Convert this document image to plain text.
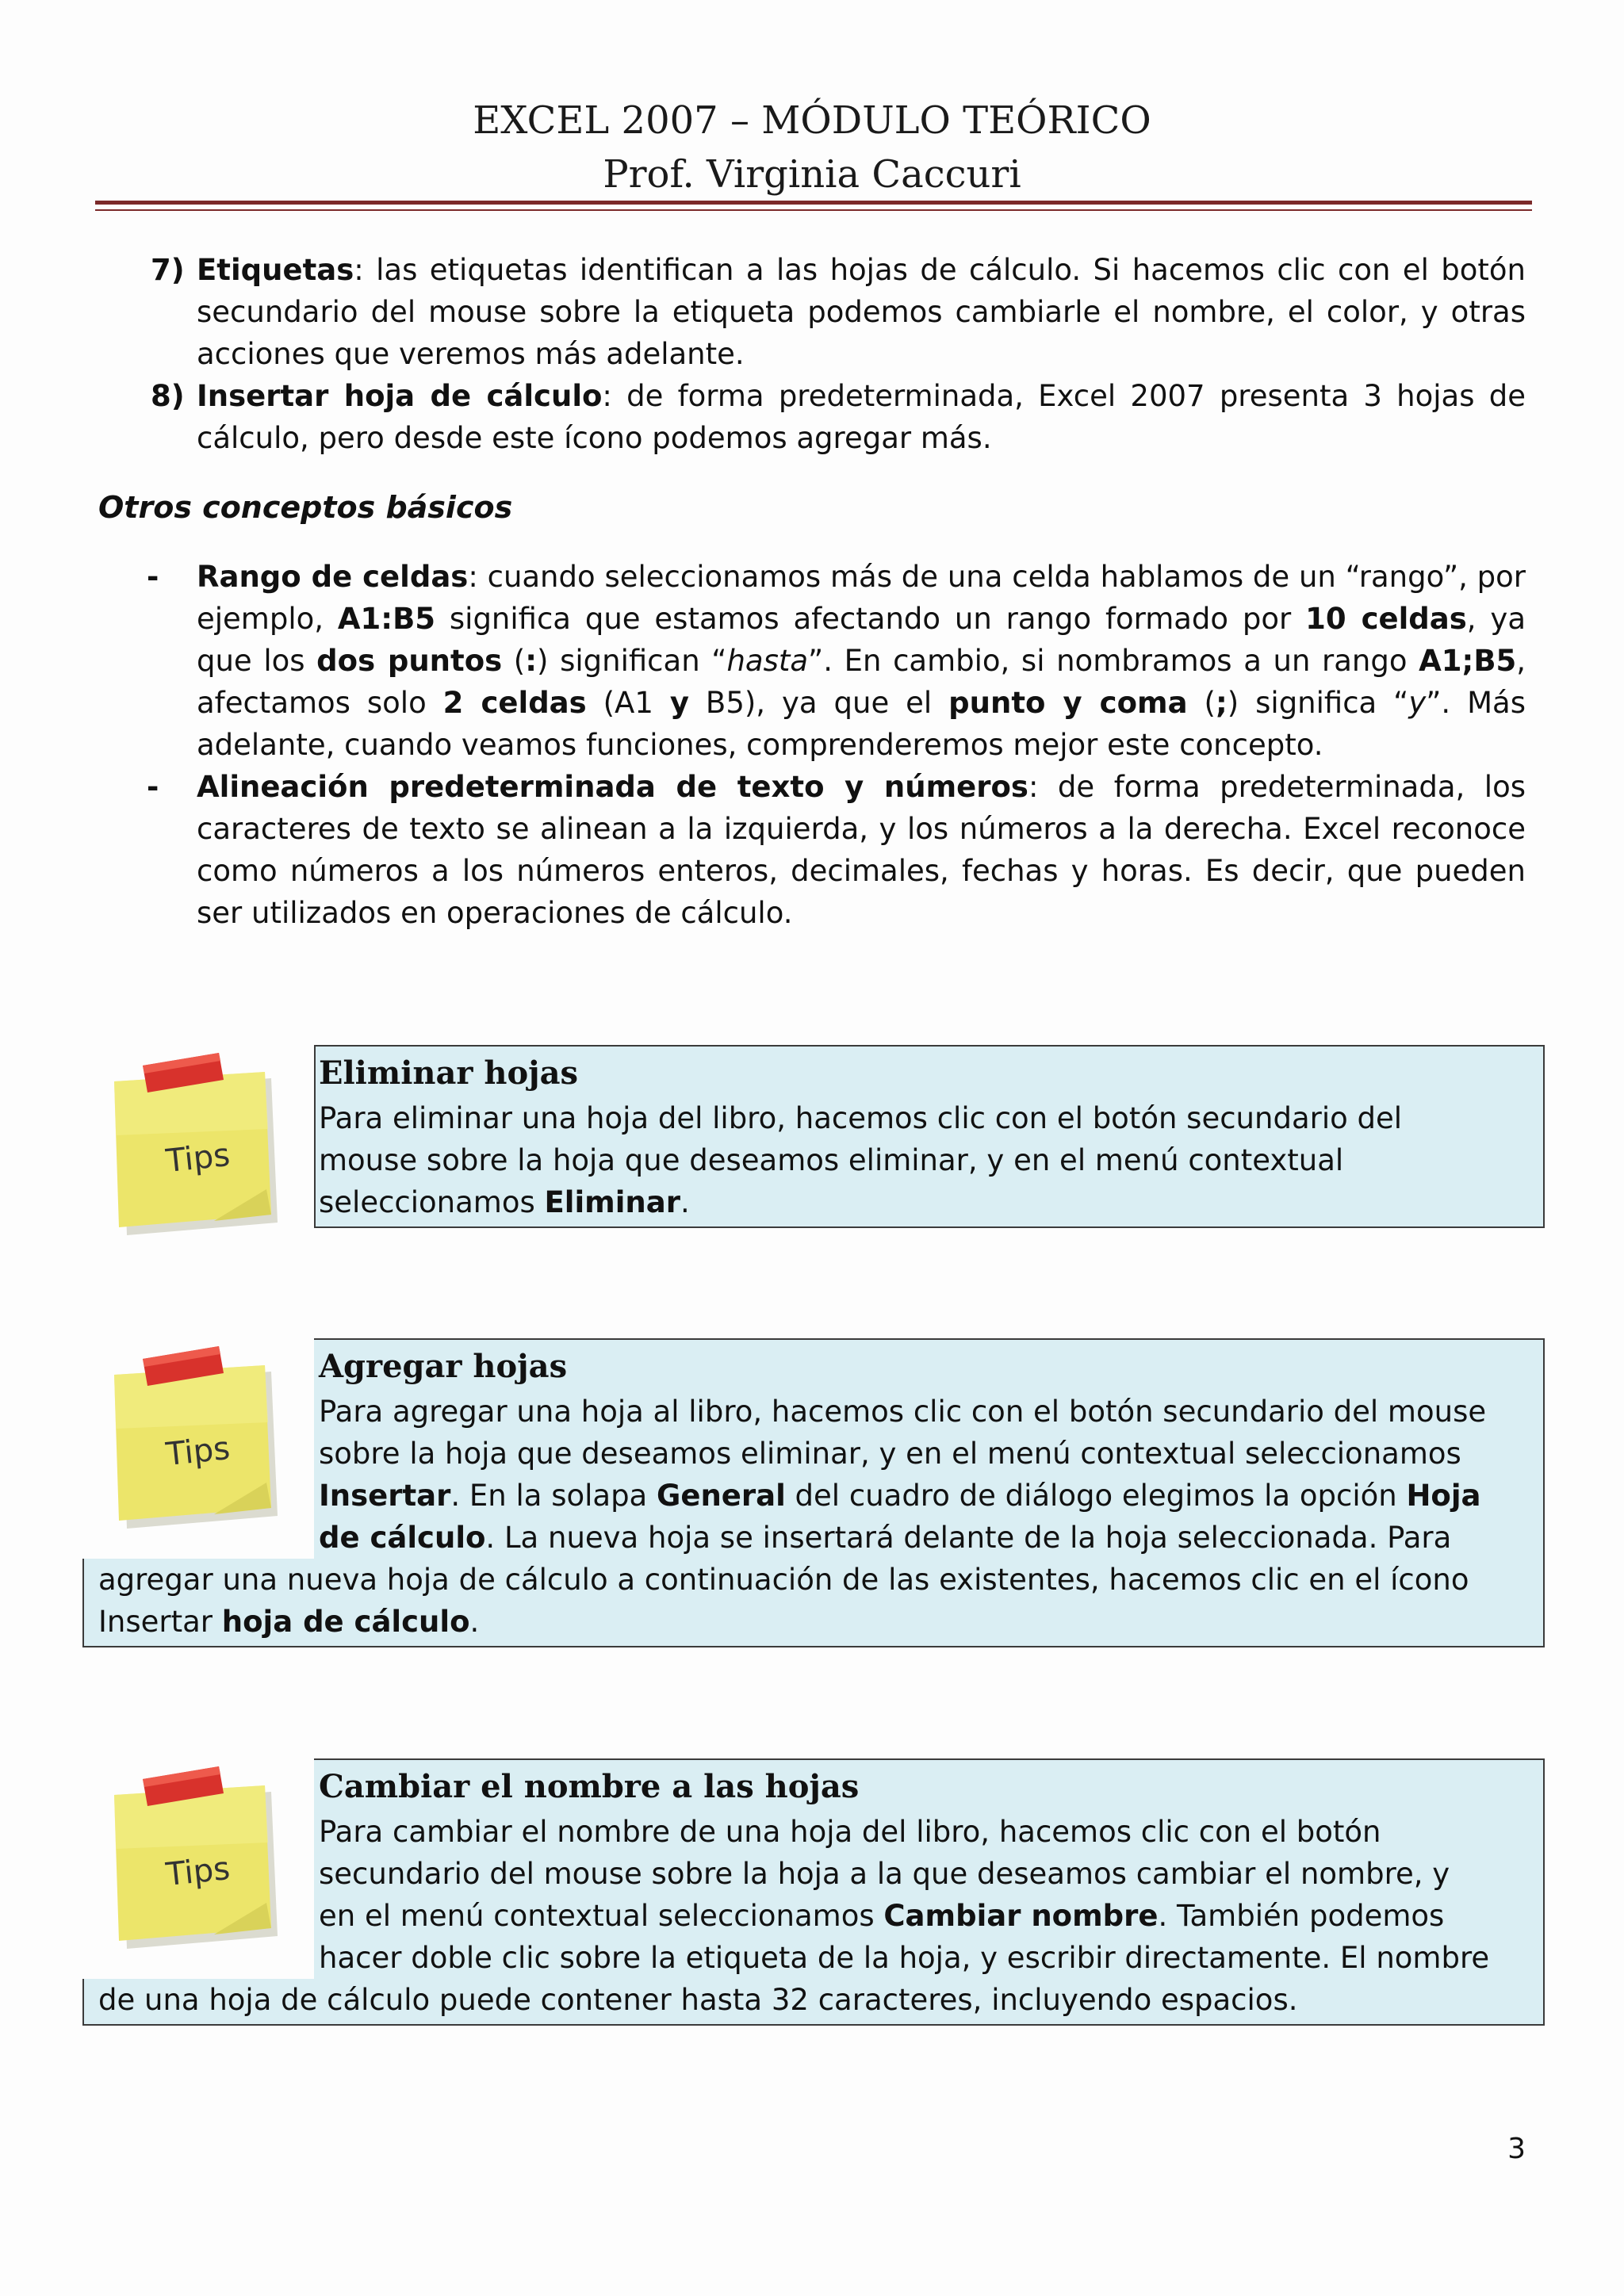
EXCEL 2007 – MÓDULO TEÓRICO
Prof. Virginia Caccuri
7) Etiquetas: las etiquetas identifican a las hojas de cálculo. Si hacemos clic con el botón secundario del mouse sobre la etiqueta podemos cambiarle el nombre, el color, y otras acciones que veremos más adelante.
8) Insertar hoja de cálculo: de forma predeterminada, Excel 2007 presenta 3 hojas de cálculo, pero desde este ícono podemos agregar más.
Otros conceptos básicos
- Rango de celdas: cuando seleccionamos más de una celda hablamos de un “rango”, por ejemplo, A1:B5 significa que estamos afectando un rango formado por 10 celdas, ya que los dos puntos (:) significan “hasta”. En cambio, si nombramos a un rango A1;B5, afectamos solo 2 celdas (A1 y B5), ya que el punto y coma (;) significa “y”. Más adelante, cuando veamos funciones, comprenderemos mejor este concepto.
- Alineación predeterminada de texto y números: de forma predeterminada, los caracteres de texto se alinean a la izquierda, y los números a la derecha. Excel reconoce como números a los números enteros, decimales, fechas y horas. Es decir, que pueden ser utilizados en operaciones de cálculo.
Tips
Eliminar hojas
Para eliminar una hoja del libro, hacemos clic con el botón secundario del
mouse sobre la hoja que deseamos eliminar, y en el menú contextual
seleccionamos Eliminar.
Tips
Agregar hojas
Para agregar una hoja al libro, hacemos clic con el botón secundario del mouse
sobre la hoja que deseamos eliminar, y en el menú contextual seleccionamos
Insertar. En la solapa General del cuadro de diálogo elegimos la opción Hoja
de cálculo. La nueva hoja se insertará delante de la hoja seleccionada. Para
agregar una nueva hoja de cálculo a continuación de las existentes, hacemos clic en el ícono
Insertar hoja de cálculo.
Tips
Cambiar el nombre a las hojas
Para cambiar el nombre de una hoja del libro, hacemos clic con el botón
secundario del mouse sobre la hoja a la que deseamos cambiar el nombre, y
en el menú contextual seleccionamos Cambiar nombre. También podemos
hacer doble clic sobre la etiqueta de la hoja, y escribir directamente. El nombre
de una hoja de cálculo puede contener hasta 32 caracteres, incluyendo espacios.
3
